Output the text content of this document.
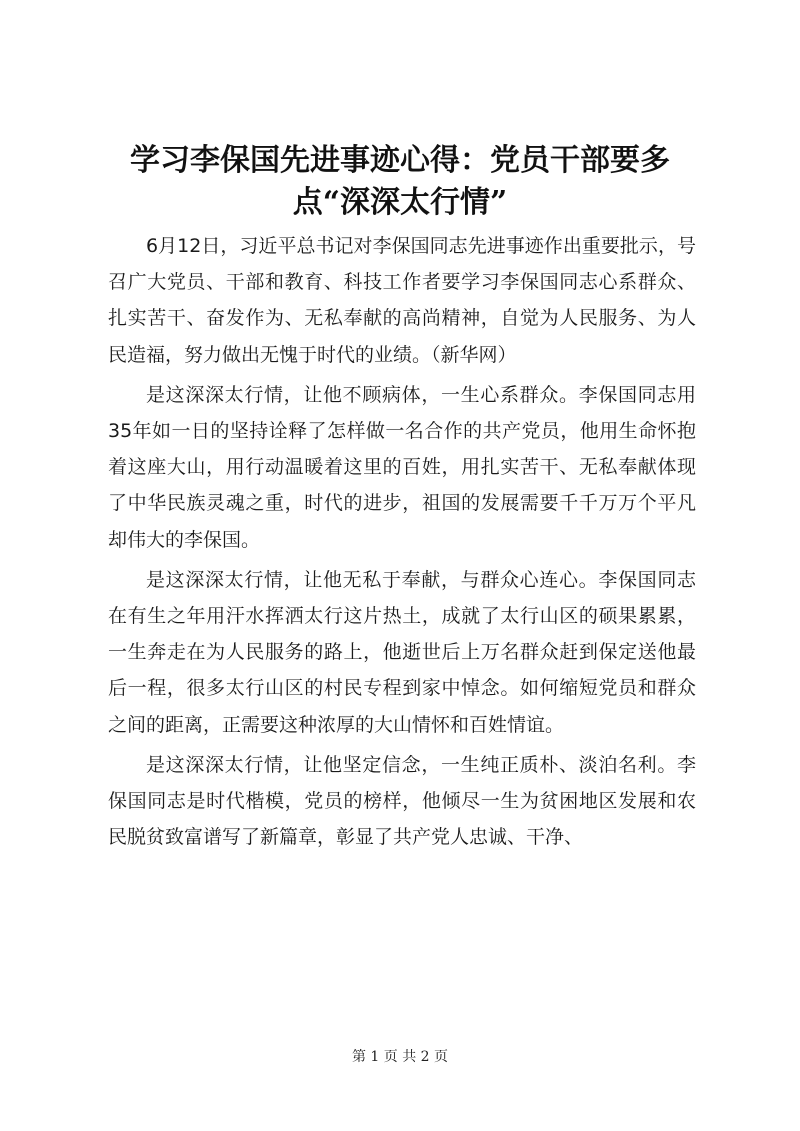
学习李保国先进事迹心得：党员干部要多点“深深太行情”

6月12日，习近平总书记对李保国同志先进事迹作出重要批示，号召广大党员、干部和教育、科技工作者要学习李保国同志心系群众、扎实苦干、奋发作为、无私奉献的高尚精神，自觉为人民服务、为人民造福，努力做出无愧于时代的业绩。（新华网）

是这深深太行情，让他不顾病体，一生心系群众。李保国同志用35年如一日的坚持诠释了怎样做一名合作的共产党员，他用生命怀抱着这座大山，用行动温暖着这里的百姓，用扎实苦干、无私奉献体现了中华民族灵魂之重，时代的进步，祖国的发展需要千千万万个平凡却伟大的李保国。

是这深深太行情，让他无私于奉献，与群众心连心。李保国同志在有生之年用汗水挥洒太行这片热土，成就了太行山区的硕果累累，一生奔走在为人民服务的路上，他逝世后上万名群众赶到保定送他最后一程，很多太行山区的村民专程到家中悼念。如何缩短党员和群众之间的距离，正需要这种浓厚的大山情怀和百姓情谊。

是这深深太行情，让他坚定信念，一生纯正质朴、淡泊名利。李保国同志是时代楷模，党员的榜样，他倾尽一生为贫困地区发展和农民脱贫致富谱写了新篇章，彰显了共产党人忠诚、干净、

第 1 页 共 2 页
